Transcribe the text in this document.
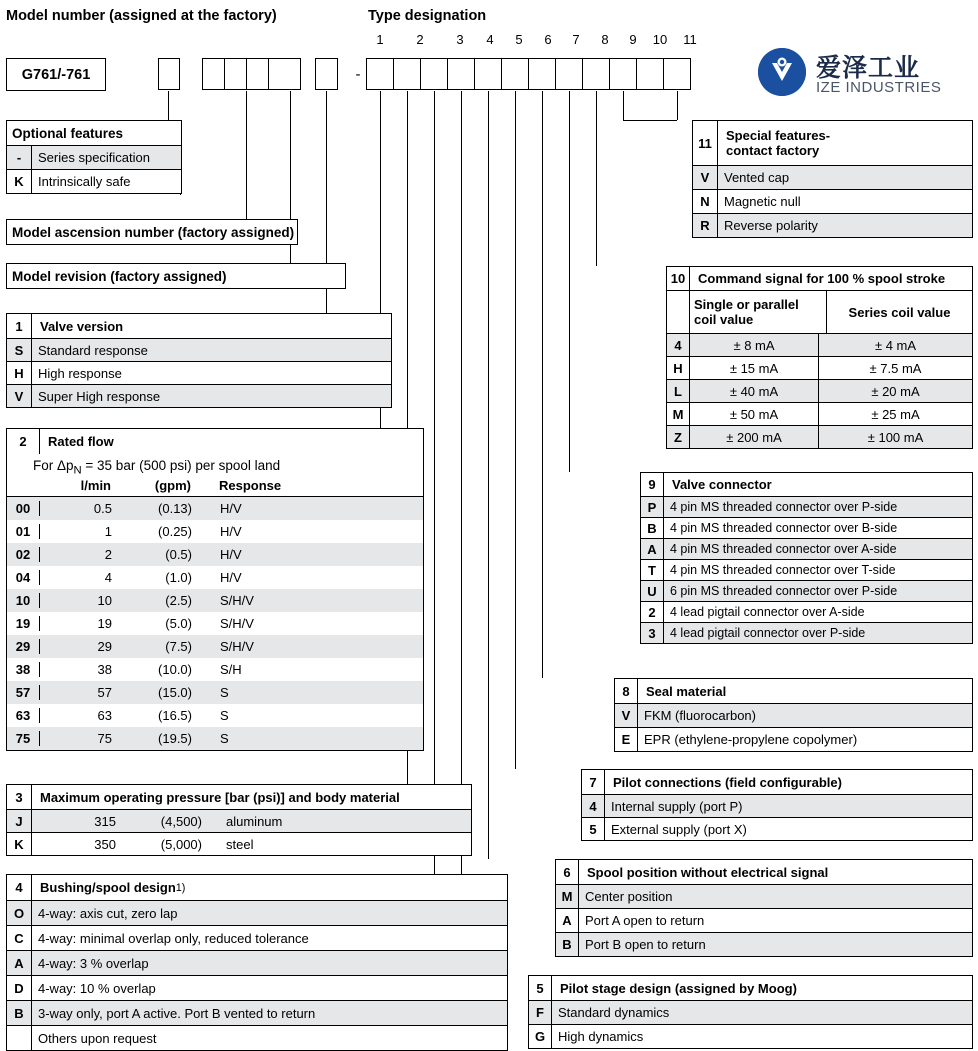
Model number (assigned at the factory)	Type designation
1	2	3	4	5	6	7	8	9	10 11
G761/-761	-	爱泽工业
IZE INDUSTRIES
Optional features
-	Series specification
K	Intrinsically safe
Model ascension number (factory assigned)
Model revision (factory assigned)
1	Valve version
S	Standard response
H	High response
V	Super High response
2	Rated flow
For $\Delta p_N = 35$ bar (500 psi) per spool land
l/min	(gpm)	Response
00	0.5	(0.13)	H/V
01	1	(0.25)	H/V
02	2	(0.5)	H/V
04	4	(1.0)	H/V
10	10	(2.5)	S/H/V
19	19	(5.0)	S/H/V
29	29	(7.5)	S/H/V
38	38	(10.0)	S/H
57	57	(15.0)	S
63	63	(16.5)	S
75	75	(19.5)	S
3	Maximum operating pressure [bar (psi)] and body material
J	315	(4,500)	aluminum
K	350	(5,000)	steel
4	Bushing/spool design 1)
O	4-way: axis cut, zero lap
C	4-way: minimal overlap only, reduced tolerance
A	4-way: 3 % overlap
D	4-way: 10 % overlap
B	3-way only, port A active. Port B vented to return
Others upon request
11	Special features-
contact factory
V	Vented cap
N	Magnetic null
R	Reverse polarity
10 Command signal for 100 % spool stroke
Single or parallel coil value	Series coil value
4	± 8 mA	± 4 mA
H	± 15 mA	± 7.5 mA
L	± 40 mA	± 20 mA
M	± 50 mA	± 25 mA
Z	± 200 mA	± 100 mA
9	Valve connector
P	4 pin MS threaded connector over P-side
B	4 pin MS threaded connector over B-side
A	4 pin MS threaded connector over A-side
T	4 pin MS threaded connector over T-side
U	6 pin MS threaded connector over P-side
2	4 lead pigtail connector over A-side
3	4 lead pigtail connector over P-side
8	Seal material
V	FKM (fluorocarbon)
E	EPR (ethylene-propylene copolymer)
7	Pilot connections (field configurable)
4	Internal supply (port P)
5	External supply (port X)
6	Spool position without electrical signal
M Center position
A	Port A open to return
B	Port B open to return
5	Pilot stage design (assigned by Moog)
F	Standard dynamics
G High dynamics
